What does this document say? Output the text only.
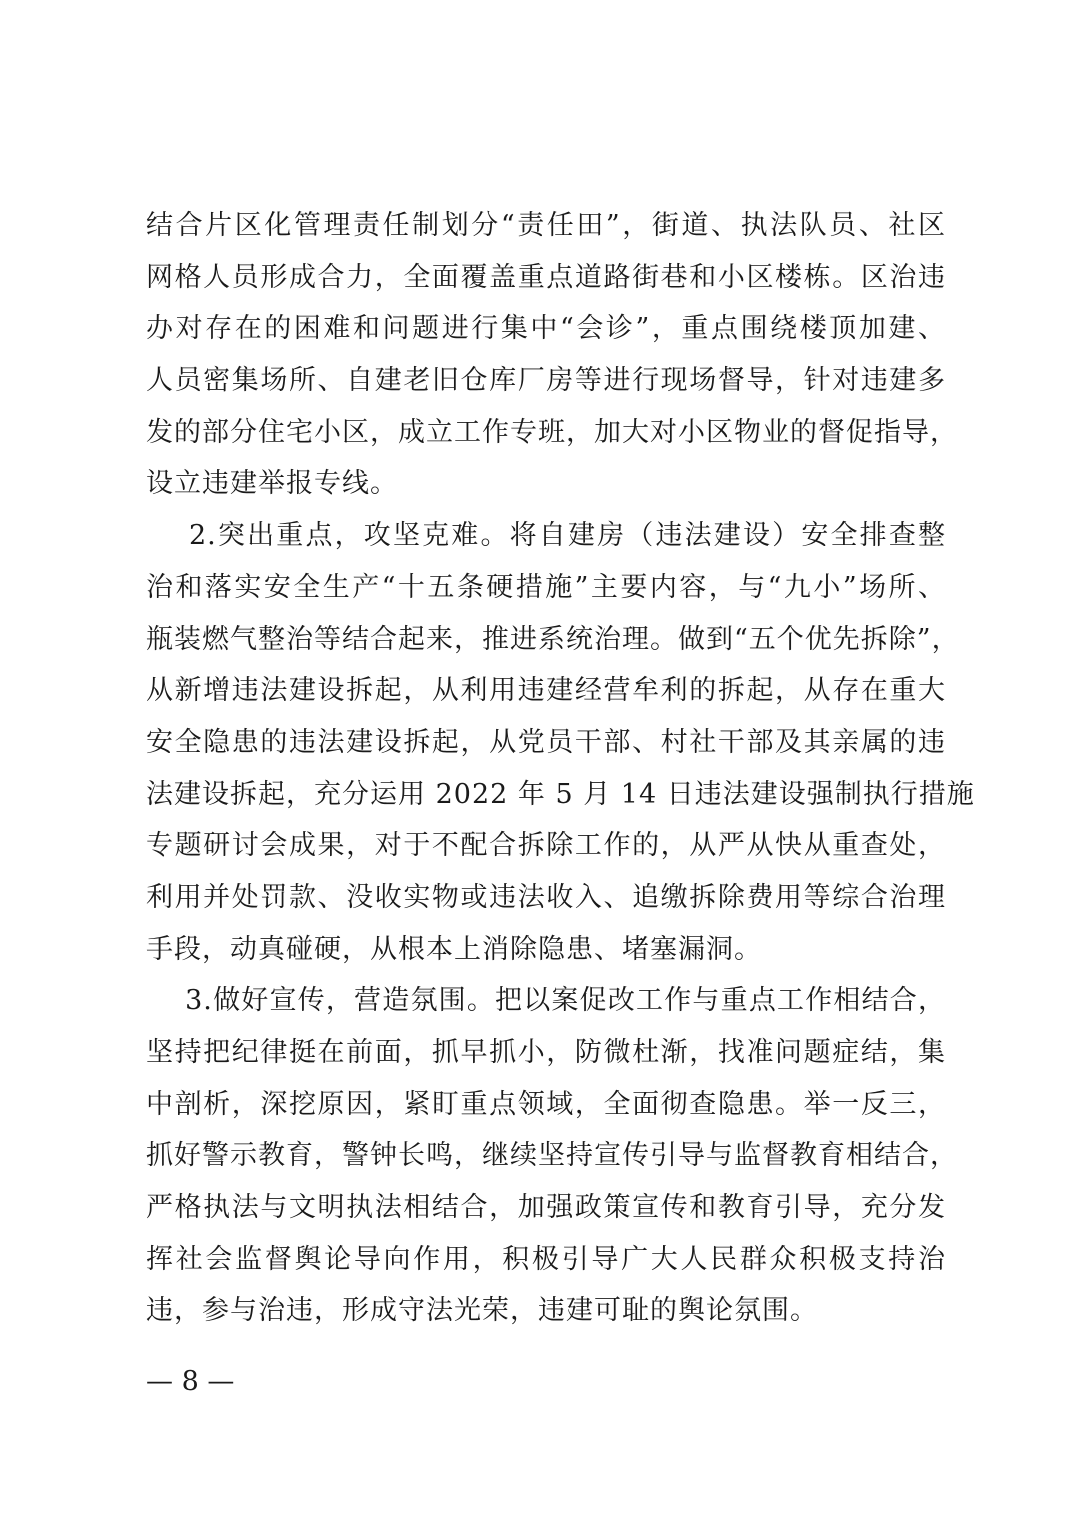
结合片区化管理责任制划分“责任田”，街道、执法队员、社区
网格人员形成合力，全面覆盖重点道路街巷和小区楼栋。区治违
办对存在的困难和问题进行集中“会诊”，重点围绕楼顶加建、
人员密集场所、自建老旧仓库厂房等进行现场督导，针对违建多
发的部分住宅小区，成立工作专班，加大对小区物业的督促指导，
设立违建举报专线。
2.突出重点，攻坚克难。将自建房（违法建设）安全排查整
治和落实安全生产“十五条硬措施”主要内容，与“九小”场所、
瓶装燃气整治等结合起来，推进系统治理。做到“五个优先拆除”，
从新增违法建设拆起，从利用违建经营牟利的拆起，从存在重大
安全隐患的违法建设拆起，从党员干部、村社干部及其亲属的违
法建设拆起，充分运用 2022 年 5 月 14 日违法建设强制执行措施
专题研讨会成果，对于不配合拆除工作的，从严从快从重查处，
利用并处罚款、没收实物或违法收入、追缴拆除费用等综合治理
手段，动真碰硬，从根本上消除隐患、堵塞漏洞。
3.做好宣传，营造氛围。把以案促改工作与重点工作相结合，
坚持把纪律挺在前面，抓早抓小，防微杜渐，找准问题症结，集
中剖析，深挖原因，紧盯重点领域，全面彻查隐患。举一反三，
抓好警示教育，警钟长鸣，继续坚持宣传引导与监督教育相结合，
严格执法与文明执法相结合，加强政策宣传和教育引导，充分发
挥社会监督舆论导向作用，积极引导广大人民群众积极支持治
违，参与治违，形成守法光荣，违建可耻的舆论氛围。
— 8 —
